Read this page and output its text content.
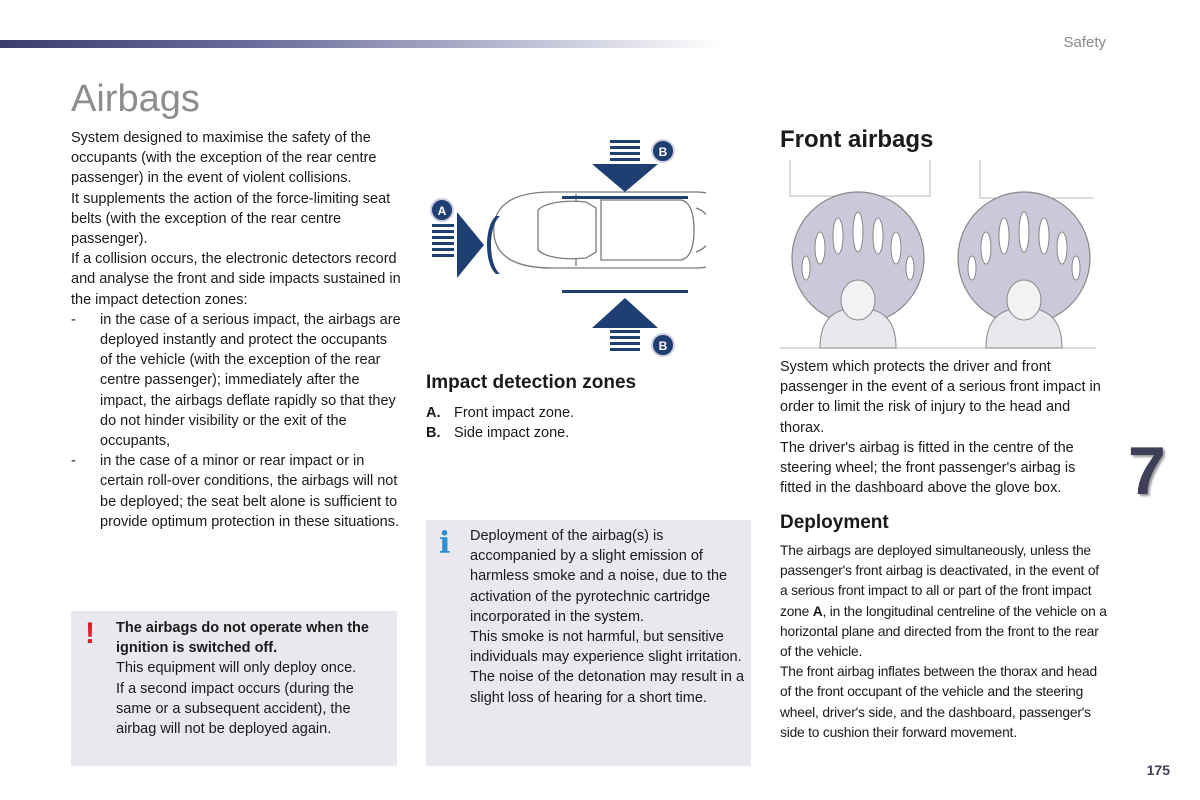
Safety
Airbags

System designed to maximise the safety of the occupants (with the exception of the rear centre passenger) in the event of violent collisions.

It supplements the action of the force-limiting seat belts (with the exception of the rear centre passenger).

If a collision occurs, the electronic detectors record and analyse the front and side impacts sustained in the impact detection zones:

-	in the case of a serious impact, the airbags are deployed instantly and protect the occupants of the vehicle (with the exception of the rear centre passenger); immediately after the impact, the airbags deflate rapidly so that they do not hinder visibility or the exit of the occupants,
-	in the case of a minor or rear impact or in certain roll-over conditions, the airbags will not be deployed; the seat belt alone is sufficient to provide optimum protection in these situations.
! The airbags do not operate when the ignition is switched off.
This equipment will only deploy once.
If a second impact occurs (during the same or a subsequent accident), the airbag will not be deployed again.
A
B
B
Impact detection zones
A. Front impact zone.
B. Side impact zone.
i Deployment of the airbag(s) is accompanied by a slight emission of harmless smoke and a noise, due to the activation of the pyrotechnic cartridge incorporated in the system.
This smoke is not harmful, but sensitive individuals may experience slight irritation.
The noise of the detonation may result in a slight loss of hearing for a short time.
Front airbags

System which protects the driver and front passenger in the event of a serious front impact in order to limit the risk of injury to the head and thorax.

The driver's airbag is fitted in the centre of the steering wheel; the front passenger's airbag is fitted in the dashboard above the glove box.

Deployment

The airbags are deployed simultaneously, unless the passenger's front airbag is deactivated, in the event of a serious front impact to all or part of the front impact zone A, in the longitudinal centreline of the vehicle on a horizontal plane and directed from the front to the rear of the vehicle.

The front airbag inflates between the thorax and head of the front occupant of the vehicle and the steering wheel, driver's side, and the dashboard, passenger's side to cushion their forward movement.

7
175
